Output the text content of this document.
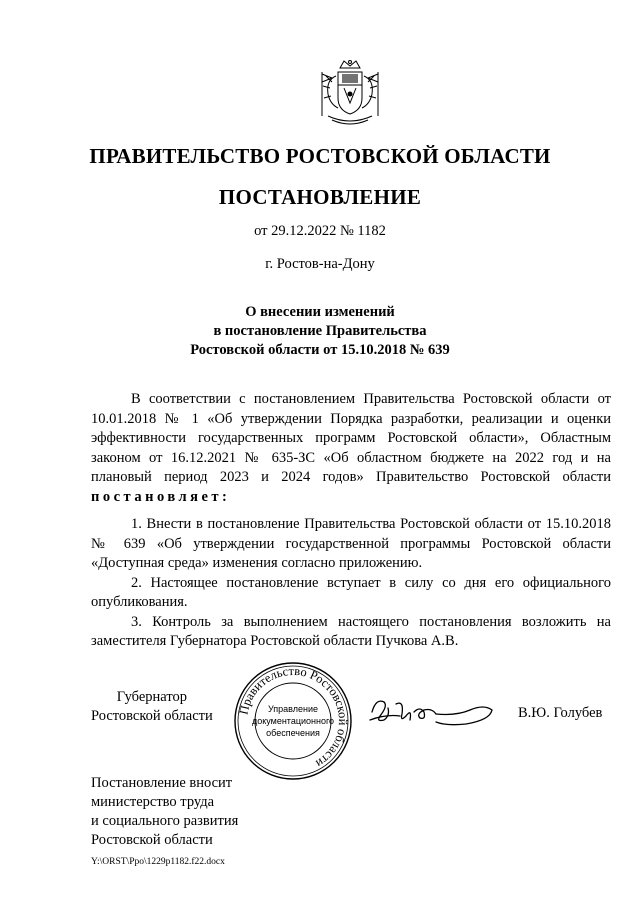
ПРАВИТЕЛЬСТВО РОСТОВСКОЙ ОБЛАСТИ
ПОСТАНОВЛЕНИЕ
от 29.12.2022 № 1182
г. Ростов-на-Дону
О внесении изменений
в постановление Правительства
Ростовской области от 15.10.2018 № 639
В соответствии с постановлением Правительства Ростовской области от 10.01.2018 № 1 «Об утверждении Порядка разработки, реализации и оценки эффективности государственных программ Ростовской области», Областным законом от 16.12.2021 № 635-ЗС «Об областном бюджете на 2022 год и на плановый период 2023 и 2024 годов» Правительство Ростовской области постановляет:

1. Внести в постановление Правительства Ростовской области от 15.10.2018 № 639 «Об утверждении государственной программы Ростовской области «Доступная среда» изменения согласно приложению.

2. Настоящее постановление вступает в силу со дня его официального опубликования.

3. Контроль за выполнением настоящего постановления возложить на заместителя Губернатора Ростовской области Пучкова А.В.

Губернатор
Ростовской области Правительство Ростовской области
Управление
документационного
обеспечения
В.Ю. Голубев
Постановление вносит
министерство труда
и социального развития
Ростовской области
Y:\ORST\Ppo\1229p1182.f22.docx
